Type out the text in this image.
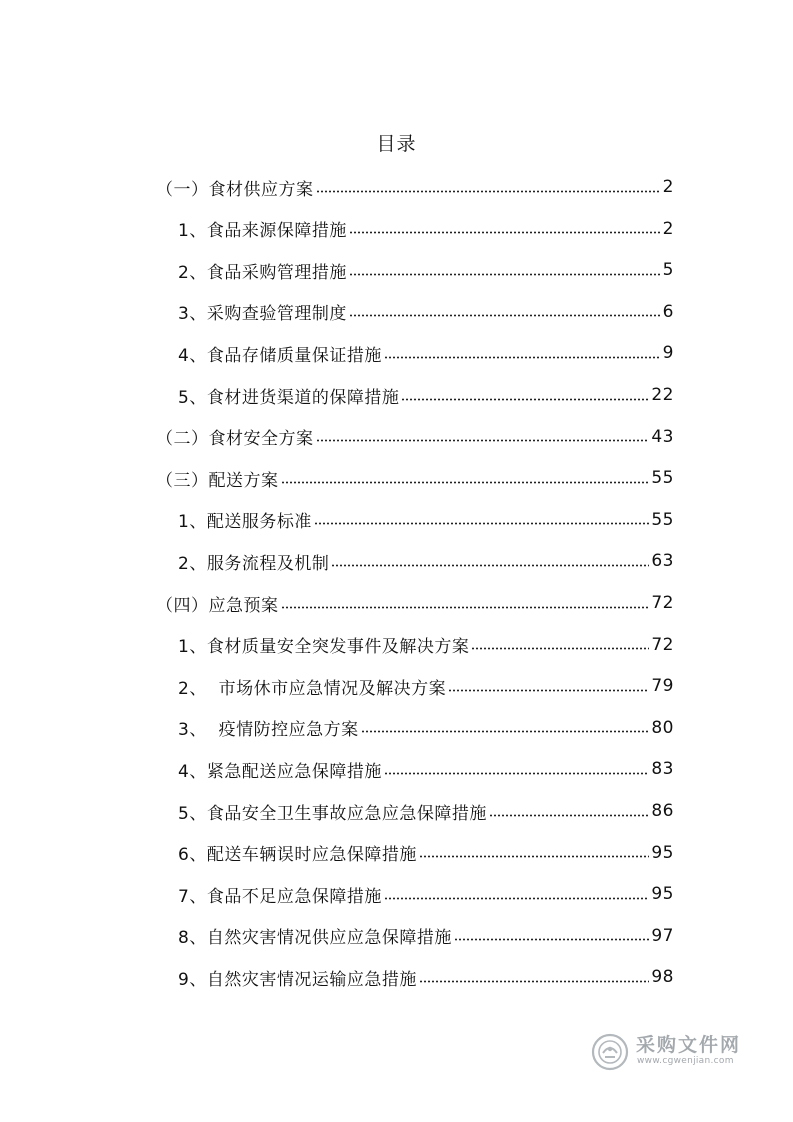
目录
（一）食材供应方案	2
1、食品来源保障措施	2
2、食品采购管理措施	5
3、采购查验管理制度	6
4、食品存储质量保证措施	9
5、食材进货渠道的保障措施	22
（二）食材安全方案	43
（三）配送方案	55
1、配送服务标准	55
2、服务流程及机制	63
（四）应急预案	72
1、食材质量安全突发事件及解决方案	72
2、  市场休市应急情况及解决方案	79
3、  疫情防控应急方案	80
4、紧急配送应急保障措施	83
5、食品安全卫生事故应急应急保障措施	86
6、配送车辆误时应急保障措施	95
7、食品不足应急保障措施	95
8、自然灾害情况供应应急保障措施	97
9、自然灾害情况运输应急措施	98
采购文件网
www.cgwenjian.com
